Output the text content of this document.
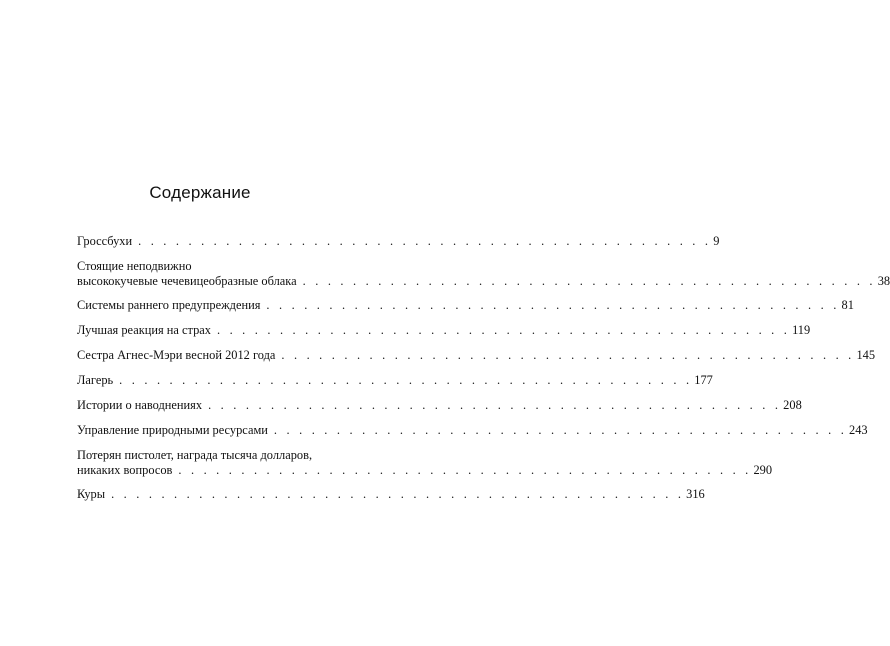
Содержание
Гроссбухи . . . . . . . . . . . . . . . . . . . . . . . . . . . . . . . . . . . . . . . . . . . . . . 9
Стоящие неподвижно
высококучевые чечевицеобразные облака . . . . . . . . . . . . . . . . . . . . . . . . . . . . . . . . . . . . . . . . . . . . . . 38
Системы раннего предупреждения . . . . . . . . . . . . . . . . . . . . . . . . . . . . . . . . . . . . . . . . . . . . . . 81
Лучшая реакция на страх . . . . . . . . . . . . . . . . . . . . . . . . . . . . . . . . . . . . . . . . . . . . . . 119
Сестра Агнес-Мэри весной 2012 года . . . . . . . . . . . . . . . . . . . . . . . . . . . . . . . . . . . . . . . . . . . . . . 145
Лагерь . . . . . . . . . . . . . . . . . . . . . . . . . . . . . . . . . . . . . . . . . . . . . . 177
Истории о наводнениях . . . . . . . . . . . . . . . . . . . . . . . . . . . . . . . . . . . . . . . . . . . . . . 208
Управление природными ресурсами . . . . . . . . . . . . . . . . . . . . . . . . . . . . . . . . . . . . . . . . . . . . . . 243
Потерян пистолет, награда тысяча долларов,
никаких вопросов . . . . . . . . . . . . . . . . . . . . . . . . . . . . . . . . . . . . . . . . . . . . . . 290
Куры . . . . . . . . . . . . . . . . . . . . . . . . . . . . . . . . . . . . . . . . . . . . . . 316
